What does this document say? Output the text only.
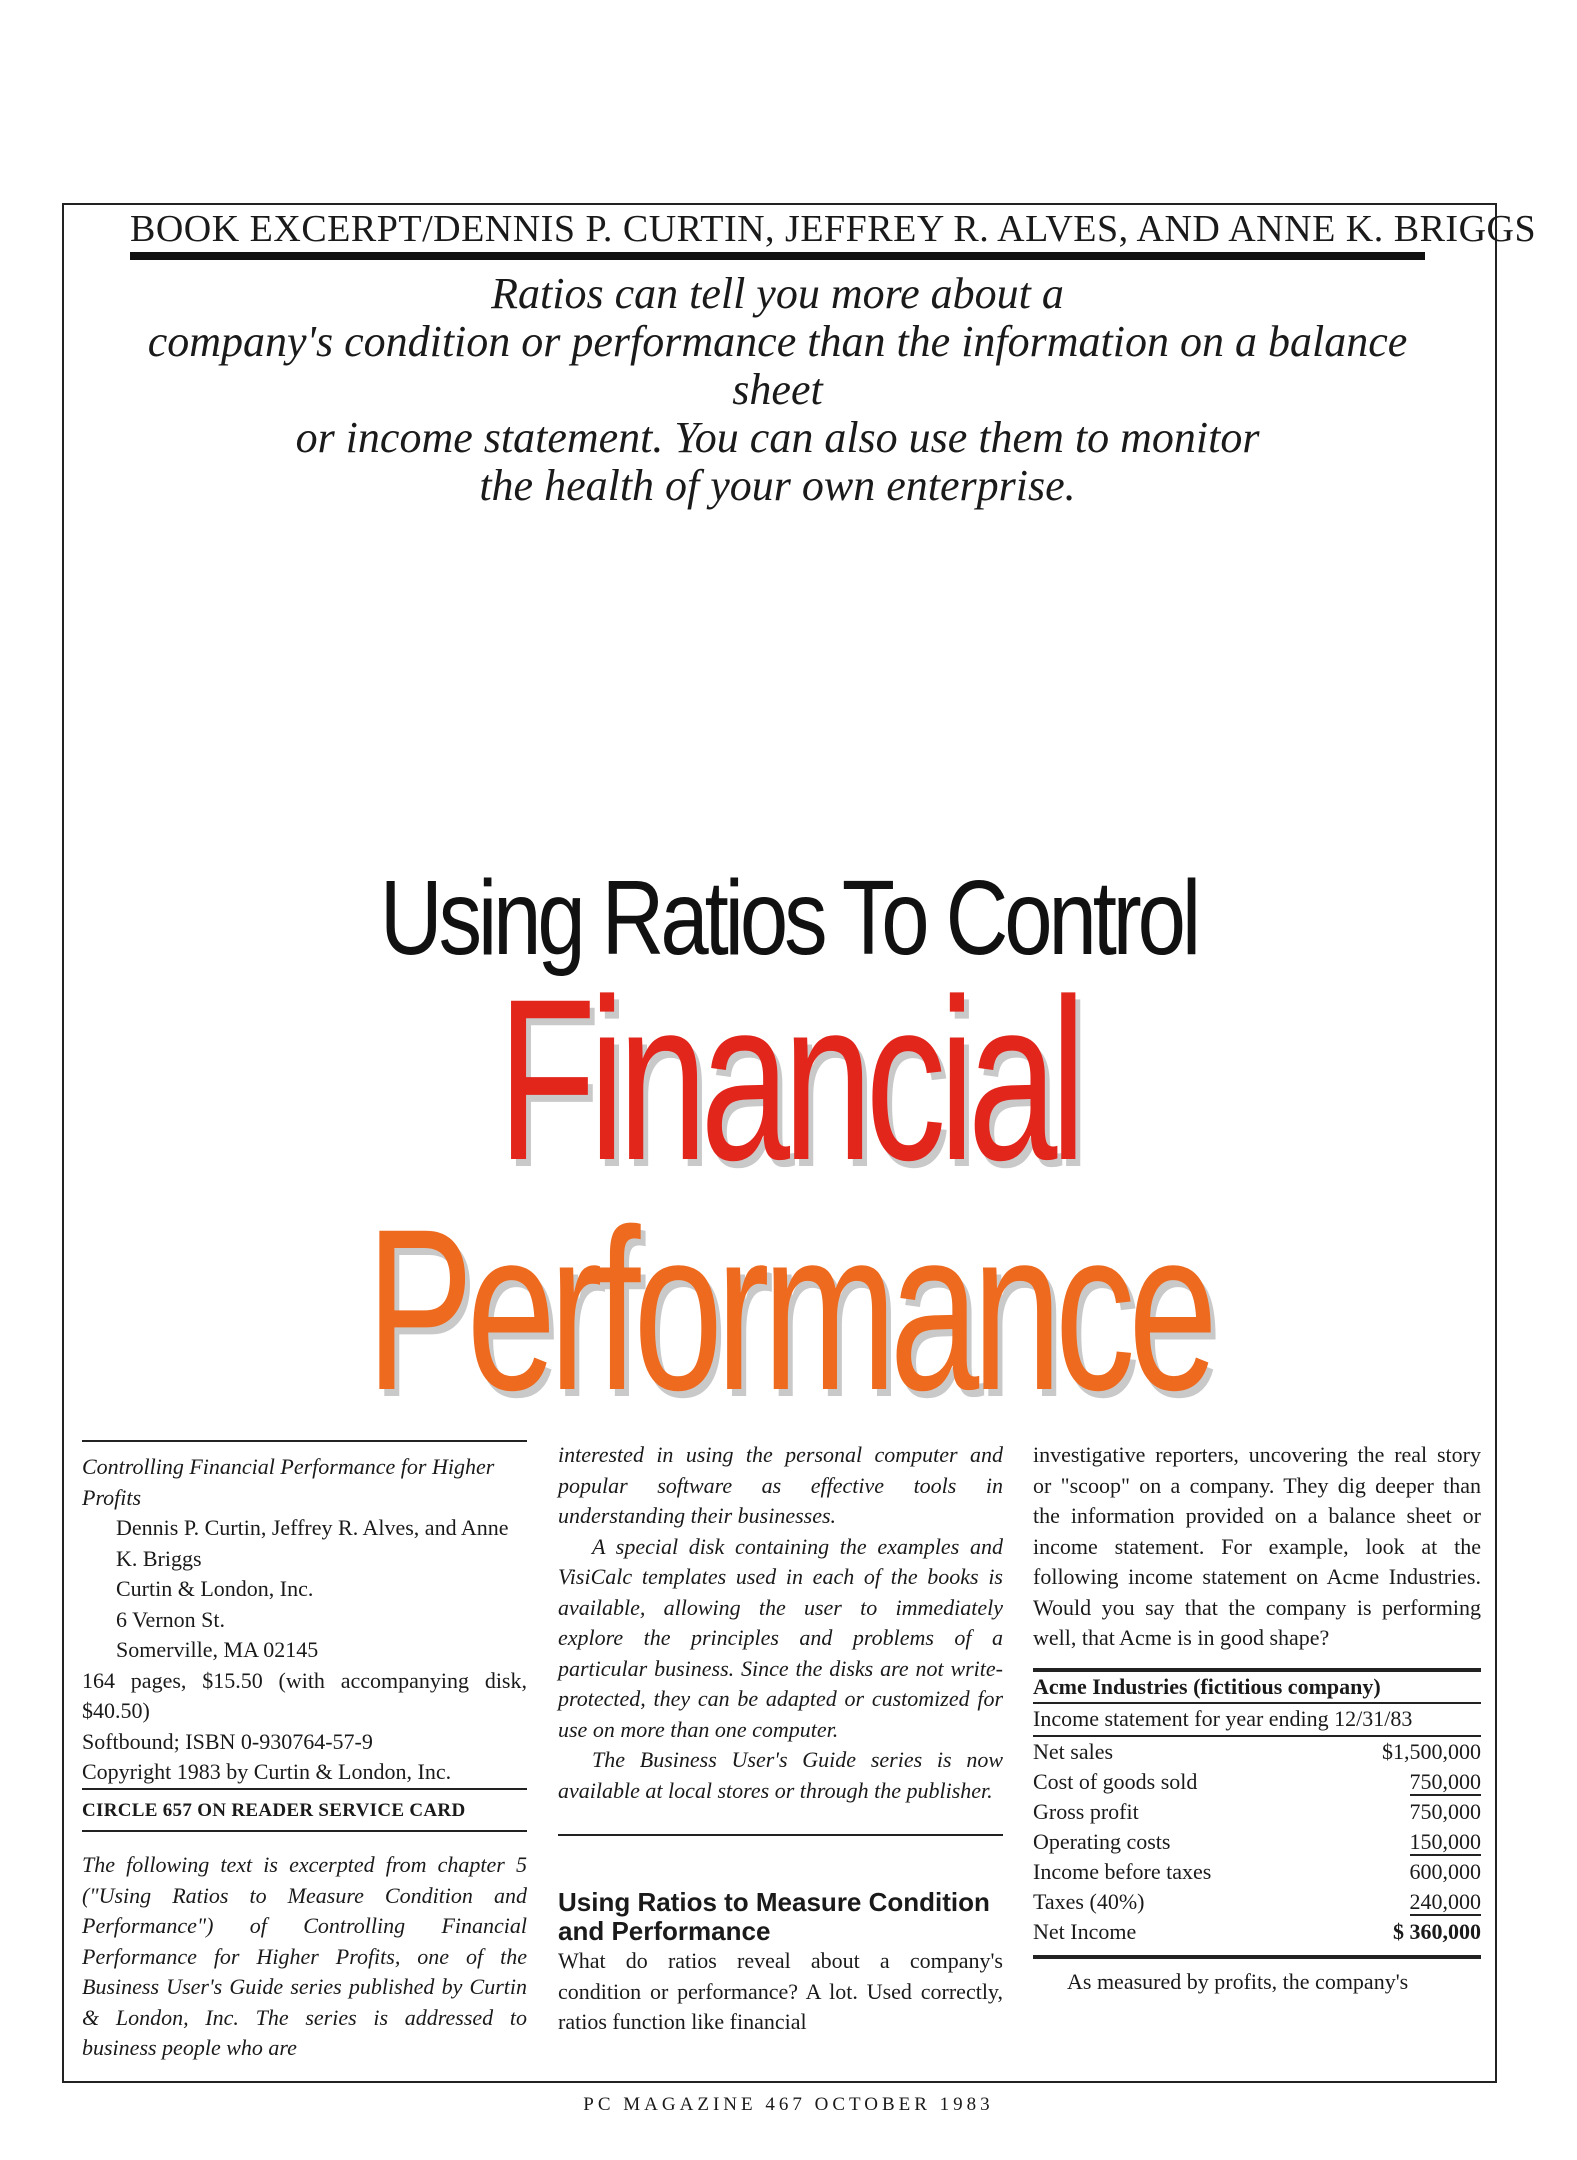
BOOK EXCERPT/DENNIS P. CURTIN, JEFFREY R. ALVES, AND ANNE K. BRIGGS
Ratios can tell you more about a
company's condition or performance than the information on a balance sheet
or income statement. You can also use them to monitor
the health of your own enterprise.
Using Ratios To Control
Financial
Performance

Controlling Financial Performance for Higher Profits

Dennis P. Curtin, Jeffrey R. Alves, and Anne K. Briggs

Curtin & London, Inc.

6 Vernon St.

Somerville, MA 02145

164 pages, $15.50 (with accompanying disk, $40.50)

Softbound; ISBN 0-930764-57-9

Copyright 1983 by Curtin & London, Inc.

CIRCLE 657 ON READER SERVICE CARD

The following text is excerpted from chapter 5 ("Using Ratios to Measure Condition and Performance") of Controlling Financial Performance for Higher Profits, one of the Business User's Guide series published by Curtin & London, Inc. The series is addressed to business people who are

interested in using the personal computer and popular software as effective tools in understanding their businesses.

A special disk containing the examples and VisiCalc templates used in each of the books is available, allowing the user to immediately explore the principles and problems of a particular business. Since the disks are not write-protected, they can be adapted or customized for use on more than one computer.

The Business User's Guide series is now available at local stores or through the publisher.

Using Ratios to Measure Condition and Performance

What do ratios reveal about a company's condition or performance? A lot. Used correctly, ratios function like financial

investigative reporters, uncovering the real story or "scoop" on a company. They dig deeper than the information provided on a balance sheet or income statement. For example, look at the following income statement on Acme Industries. Would you say that the company is performing well, that Acme is in good shape?

Acme Industries (fictitious company)

Income statement for year ending 12/31/83

Net sales	$1,500,000
Cost of goods sold	750,000
Gross profit	750,000
Operating costs	150,000
Income before taxes	600,000
Taxes (40%)	240,000
Net Income	$ 360,000

As measured by profits, the company's

PC MAGAZINE 467 OCTOBER 1983
